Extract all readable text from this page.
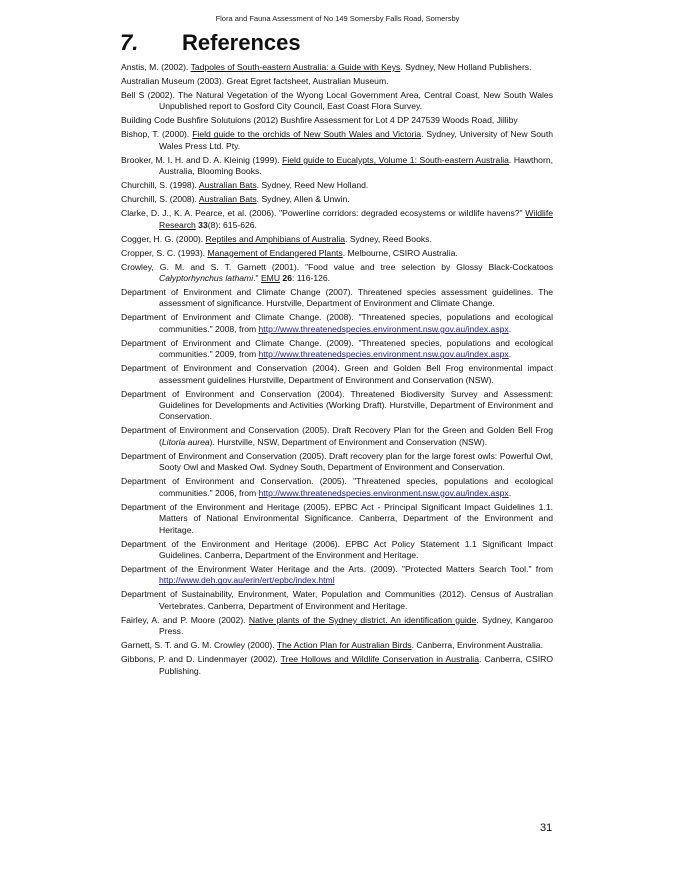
Flora and Fauna Assessment of No 149 Somersby Falls Road, Somersby
7.	References
Anstis, M. (2002). Tadpoles of South-eastern Australia: a Guide with Keys. Sydney, New Holland Publishers.
Australian Museum (2003). Great Egret factsheet, Australian Museum.
Bell S (2002). The Natural Vegetation of the Wyong Local Government Area, Central Coast, New South Wales Unpublished report to Gosford City Council, East Coast Flora Survey.
Building Code Bushfire Solutuions (2012) Bushfire Assessment for Lot 4 DP 247539 Woods Road, Jilliby
Bishop, T. (2000). Field guide to the orchids of New South Wales and Victoria. Sydney, University of New South Wales Press Ltd. Pty.
Brooker, M. I. H. and D. A. Kleinig (1999). Field guide to Eucalypts, Volume 1: South-eastern Australia. Hawthorn, Australia, Blooming Books.
Churchill, S. (1998). Australian Bats. Sydney, Reed New Holland.
Churchill, S. (2008). Australian Bats. Sydney, Allen & Unwin.
Clarke, D. J., K. A. Pearce, et al. (2006). "Powerline corridors: degraded ecosystems or wildlife havens?" Wildlife Research 33(8): 615-626.
Cogger, H. G. (2000). Reptiles and Amphibians of Australia. Sydney, Reed Books.
Cropper, S. C. (1993). Management of Endangered Plants. Melbourne, CSIRO Australia.
Crowley, G. M. and S. T. Garnett (2001). "Food value and tree selection by Glossy Black-Cockatoos Calyptorhynchus lathami." EMU 26: 116-126.
Department of Environment and Climate Change (2007). Threatened species assessment guidelines. The assessment of significance. Hurstville, Department of Environment and Climate Change.
Department of Environment and Climate Change. (2008). "Threatened species, populations and ecological communities." 2008, from http://www.threatenedspecies.environment.nsw.gov.au/index.aspx.
Department of Environment and Climate Change. (2009). "Threatened species, populations and ecological communities." 2009, from http://www.threatenedspecies.environment.nsw.gov.au/index.aspx.
Department of Environment and Conservation (2004). Green and Golden Bell Frog environmental impact assessment guidelines Hurstville, Department of Environment and Conservation (NSW).
Department of Environment and Conservation (2004). Threatened Biodiversity Survey and Assessment: Guidelines for Developments and Activities (Working Draft). Hurstville, Department of Environment and Conservation.
Department of Environment and Conservation (2005). Draft Recovery Plan for the Green and Golden Bell Frog (Litoria aurea). Hurstville, NSW, Department of Environment and Conservation (NSW).
Department of Environment and Conservation (2005). Draft recovery plan for the large forest owls: Powerful Owl, Sooty Owl and Masked Owl. Sydney South, Department of Environment and Conservation.
Department of Environment and Conservation. (2005). "Threatened species, populations and ecological communities." 2006, from http://www.threatenedspecies.environment.nsw.gov.au/index.aspx.
Department of the Environment and Heritage (2005). EPBC Act - Principal Significant Impact Guidelines 1.1. Matters of National Environmental Significance. Canberra, Department of the Environment and Heritage.
Department of the Environment and Heritage (2006). EPBC Act Policy Statement 1.1 Significant Impact Guidelines. Canberra, Department of the Environment and Heritage.
Department of the Environment Water Heritage and the Arts. (2009). "Protected Matters Search Tool." from http://www.deh.gov.au/erin/ert/epbc/index.html
Department of Sustainability, Environment, Water, Population and Communities (2012). Census of Australian Vertebrates. Canberra, Department of Environment and Heritage.
Fairley, A. and P. Moore (2002). Native plants of the Sydney district. An identification guide. Sydney, Kangaroo Press.
Garnett, S. T. and G. M. Crowley (2000). The Action Plan for Australian Birds. Canberra, Environment Australia.
Gibbons, P. and D. Lindenmayer (2002). Tree Hollows and Wildlife Conservation in Australia. Canberra, CSIRO Publishing.
31
